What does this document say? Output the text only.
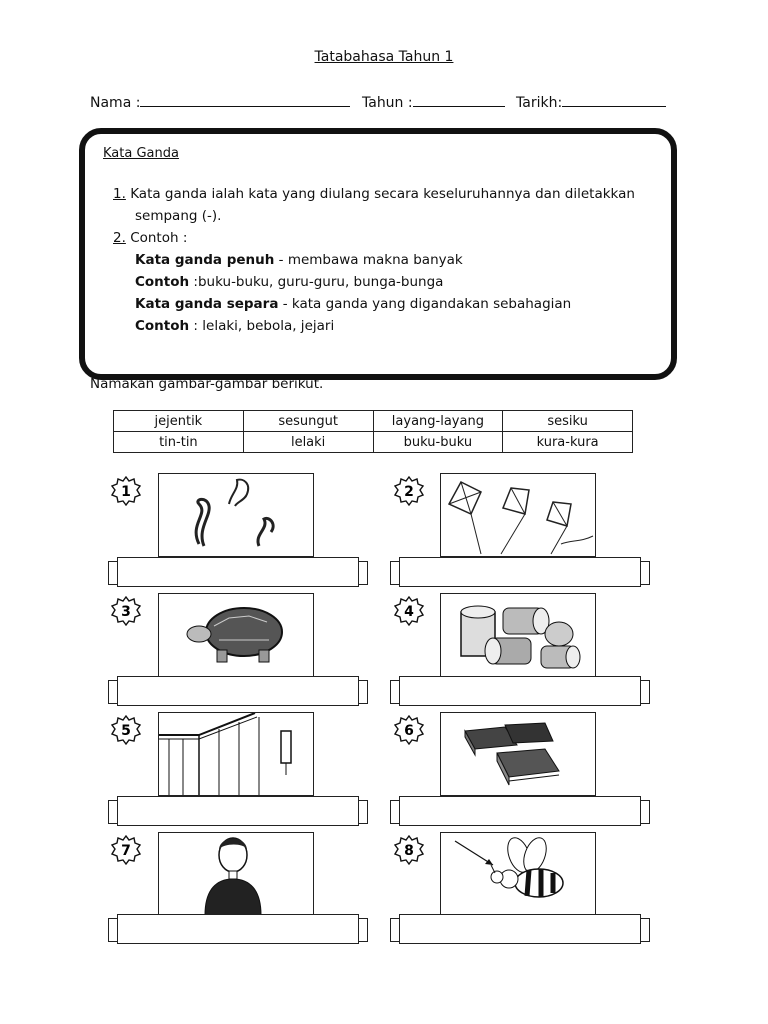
Tatabahasa Tahun 1
Nama :	Tahun :	Tarikh:
Kata Ganda
1. Kata ganda ialah kata yang diulang secara keseluruhannya dan diletakkan
sempang (-).
2. Contoh :
Kata ganda penuh - membawa makna banyak
Contoh :buku-buku, guru-guru, bunga-bunga
Kata ganda separa - kata ganda yang digandakan sebahagian
Contoh : lelaki, bebola, jejari
Namakan gambar-gambar berikut.
jejentik	sesungut	layang-layang	sesiku
tin-tin	lelaki	buku-buku	kura-kura
1	2
3	4
5	6
7	8
